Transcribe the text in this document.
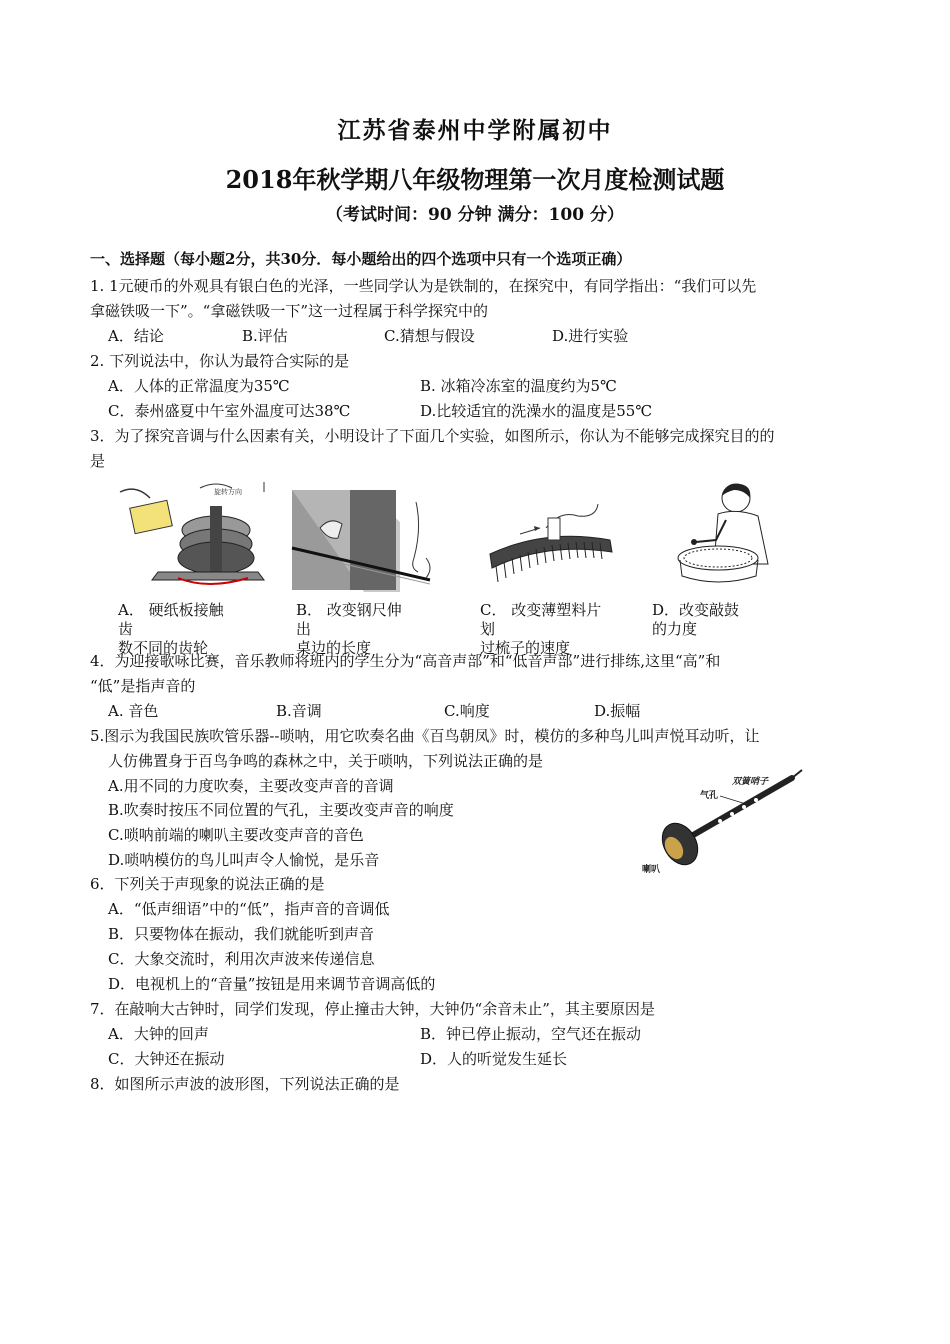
江苏省泰州中学附属初中
2018年秋学期八年级物理第一次月度检测试题
（考试时间：90 分钟 满分：100 分）
一、选择题（每小题2分，共30分．每小题给出的四个选项中只有一个选项正确）
1. 1元硬币的外观具有银白色的光泽，一些同学认为是铁制的，在探究中，有同学指出：“我们可以先
拿磁铁吸一下”。“拿磁铁吸一下”这一过程属于科学探究中的
A．结论	B.评估	C.猜想与假设	D.进行实验
2. 下列说法中，你认为最符合实际的是
A．人体的正常温度为35℃	B. 冰箱冷冻室的温度约为5℃
C．泰州盛夏中午室外温度可达38℃	D.比较适宜的洗澡水的温度是55℃
3．为了探究音调与什么因素有关，小明设计了下面几个实验，如图所示，你认为不能够完成探究目的的
是
旋转方向
A． 硬纸板接触
齿
数不同的齿轮
B． 改变钢尺伸
出
桌边的长度
C． 改变薄塑料片
划
过梳子的速度
D．改变敲鼓
的力度
4．为迎接歌咏比赛，音乐教师将班内的学生分为“高音声部”和“低音声部”进行排练,这里“高”和
“低”是指声音的
A. 音色	B.音调	C.响度	D.振幅
5.图示为我国民族吹管乐器--唢呐，用它吹奏名曲《百鸟朝凤》时，模仿的多种鸟儿叫声悦耳动听，让
人仿佛置身于百鸟争鸣的森林之中，关于唢呐，下列说法正确的是
A.用不同的力度吹奏，主要改变声音的音调
B.吹奏时按压不同位置的气孔，主要改变声音的响度
C.唢呐前端的喇叭主要改变声音的音色
D.唢呐模仿的鸟儿叫声令人愉悦，是乐音
双簧哨子
气孔
喇叭
6．下列关于声现象的说法正确的是
A．“低声细语”中的“低”，指声音的音调低
B．只要物体在振动，我们就能听到声音
C．大象交流时，利用次声波来传递信息
D．电视机上的“音量”按钮是用来调节音调高低的
7．在敲响大古钟时，同学们发现，停止撞击大钟，大钟仍“余音未止”，其主要原因是
A．大钟的回声	B．钟已停止振动，空气还在振动
C．大钟还在振动	D．人的听觉发生延长
8．如图所示声波的波形图，下列说法正确的是
